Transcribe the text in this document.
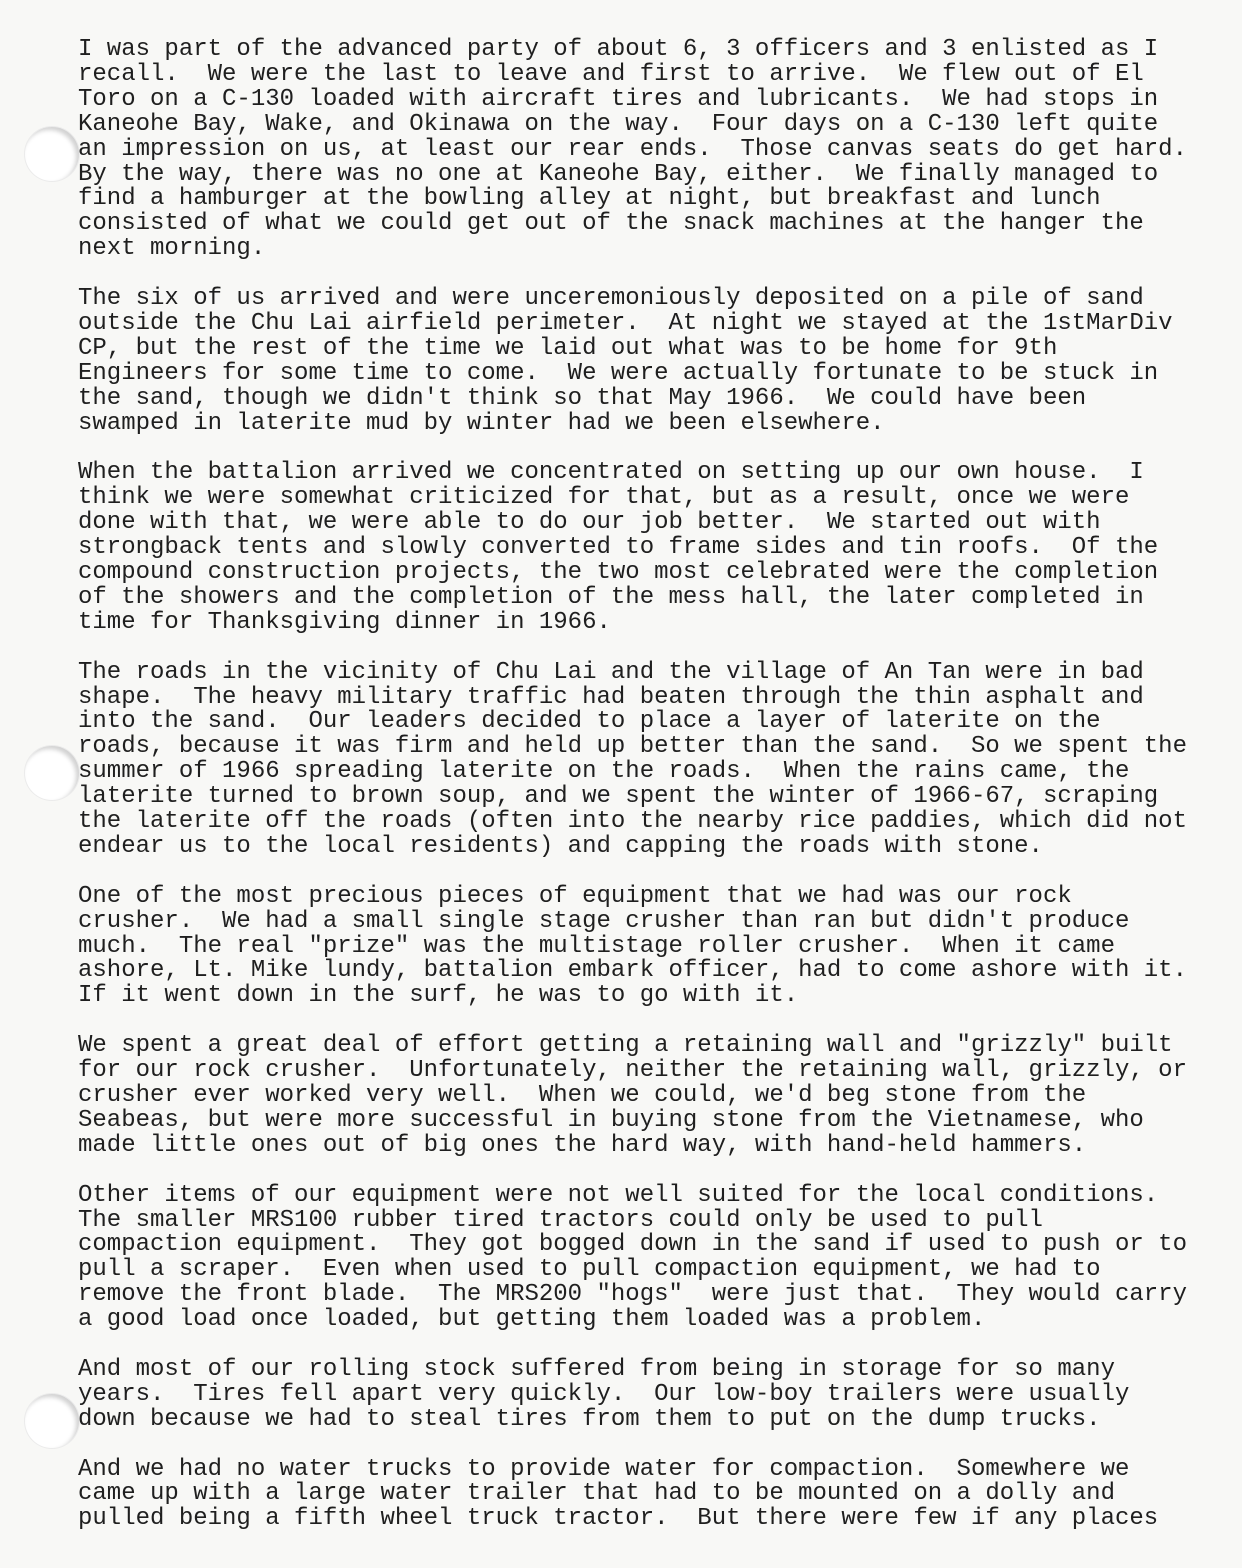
I was part of the advanced party of about 6, 3 officers and 3 enlisted as I
recall.  We were the last to leave and first to arrive.  We flew out of El
Toro on a C-130 loaded with aircraft tires and lubricants.  We had stops in
Kaneohe Bay, Wake, and Okinawa on the way.  Four days on a C-130 left quite
an impression on us, at least our rear ends.  Those canvas seats do get hard.
By the way, there was no one at Kaneohe Bay, either.  We finally managed to
find a hamburger at the bowling alley at night, but breakfast and lunch
consisted of what we could get out of the snack machines at the hanger the
next morning.
The six of us arrived and were unceremoniously deposited on a pile of sand
outside the Chu Lai airfield perimeter.  At night we stayed at the 1stMarDiv
CP, but the rest of the time we laid out what was to be home for 9th
Engineers for some time to come.  We were actually fortunate to be stuck in
the sand, though we didn't think so that May 1966.  We could have been
swamped in laterite mud by winter had we been elsewhere.
When the battalion arrived we concentrated on setting up our own house.  I
think we were somewhat criticized for that, but as a result, once we were
done with that, we were able to do our job better.  We started out with
strongback tents and slowly converted to frame sides and tin roofs.  Of the
compound construction projects, the two most celebrated were the completion
of the showers and the completion of the mess hall, the later completed in
time for Thanksgiving dinner in 1966.
The roads in the vicinity of Chu Lai and the village of An Tan were in bad
shape.  The heavy military traffic had beaten through the thin asphalt and
into the sand.  Our leaders decided to place a layer of laterite on the
roads, because it was firm and held up better than the sand.  So we spent the
summer of 1966 spreading laterite on the roads.  When the rains came, the
laterite turned to brown soup, and we spent the winter of 1966-67, scraping
the laterite off the roads (often into the nearby rice paddies, which did not
endear us to the local residents) and capping the roads with stone.
One of the most precious pieces of equipment that we had was our rock
crusher.  We had a small single stage crusher than ran but didn't produce
much.  The real "prize" was the multistage roller crusher.  When it came
ashore, Lt. Mike lundy, battalion embark officer, had to come ashore with it.
If it went down in the surf, he was to go with it.
We spent a great deal of effort getting a retaining wall and "grizzly" built
for our rock crusher.  Unfortunately, neither the retaining wall, grizzly, or
crusher ever worked very well.  When we could, we'd beg stone from the
Seabeas, but were more successful in buying stone from the Vietnamese, who
made little ones out of big ones the hard way, with hand-held hammers.
Other items of our equipment were not well suited for the local conditions.
The smaller MRS100 rubber tired tractors could only be used to pull
compaction equipment.  They got bogged down in the sand if used to push or to
pull a scraper.  Even when used to pull compaction equipment, we had to
remove the front blade.  The MRS200 "hogs"  were just that.  They would carry
a good load once loaded, but getting them loaded was a problem.
And most of our rolling stock suffered from being in storage for so many
years.  Tires fell apart very quickly.  Our low-boy trailers were usually
down because we had to steal tires from them to put on the dump trucks.
And we had no water trucks to provide water for compaction.  Somewhere we
came up with a large water trailer that had to be mounted on a dolly and
pulled being a fifth wheel truck tractor.  But there were few if any places
